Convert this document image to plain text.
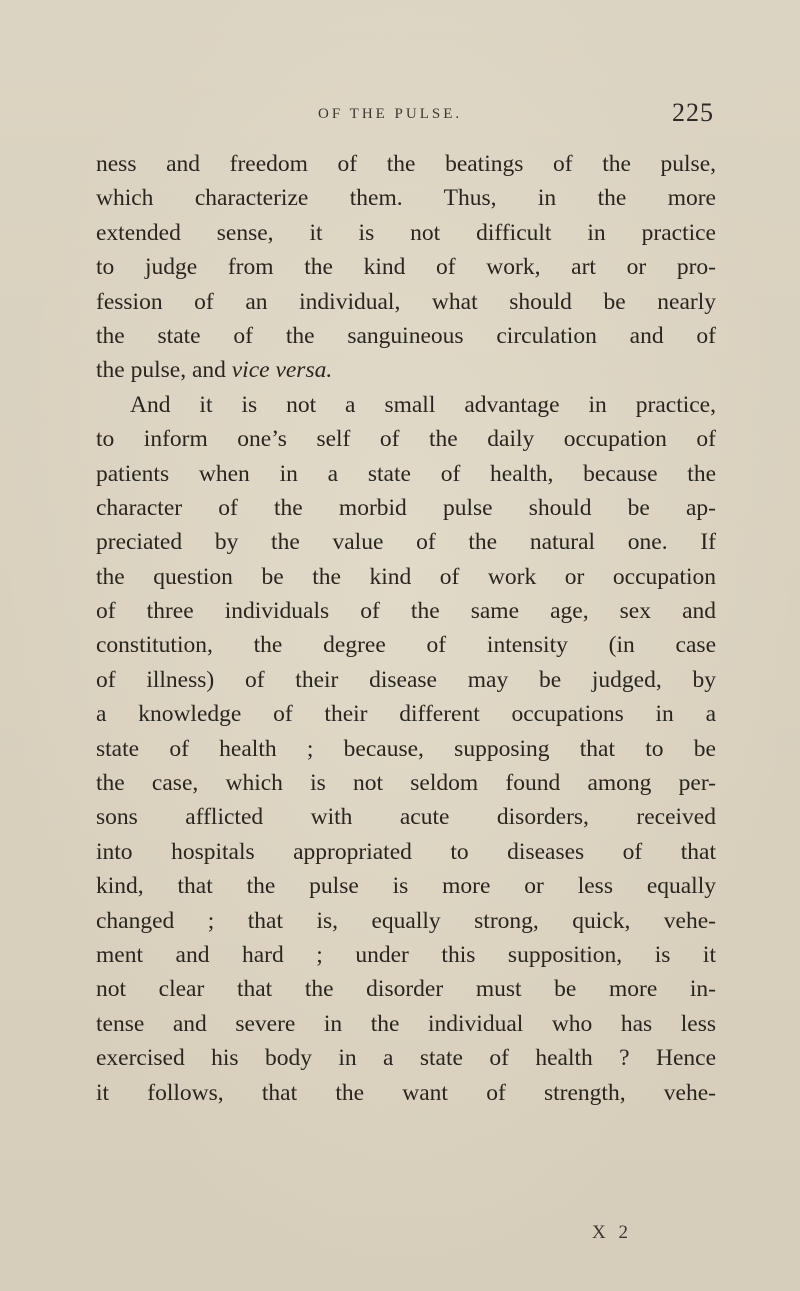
OF THE PULSE.	225
ness and freedom of the beatings of the pulse,
which characterize them. Thus, in the more
extended sense, it is not difficult in practice
to judge from the kind of work, art or pro-
fession of an individual, what should be nearly
the state of the sanguineous circulation and of
the pulse, and vice versa.
And it is not a small advantage in practice,
to inform one’s self of the daily occupation of
patients when in a state of health, because the
character of the morbid pulse should be ap-
preciated by the value of the natural one. If
the question be the kind of work or occupation
of three individuals of the same age, sex and
constitution, the degree of intensity (in case
of illness) of their disease may be judged, by
a knowledge of their different occupations in a
state of health ; because, supposing that to be
the case, which is not seldom found among per-
sons afflicted with acute disorders, received
into hospitals appropriated to diseases of that
kind, that the pulse is more or less equally
changed ; that is, equally strong, quick, vehe-
ment and hard ; under this supposition, is it
not clear that the disorder must be more in-
tense and severe in the individual who has less
exercised his body in a state of health ? Hence
it follows, that the want of strength, vehe-
X 2
